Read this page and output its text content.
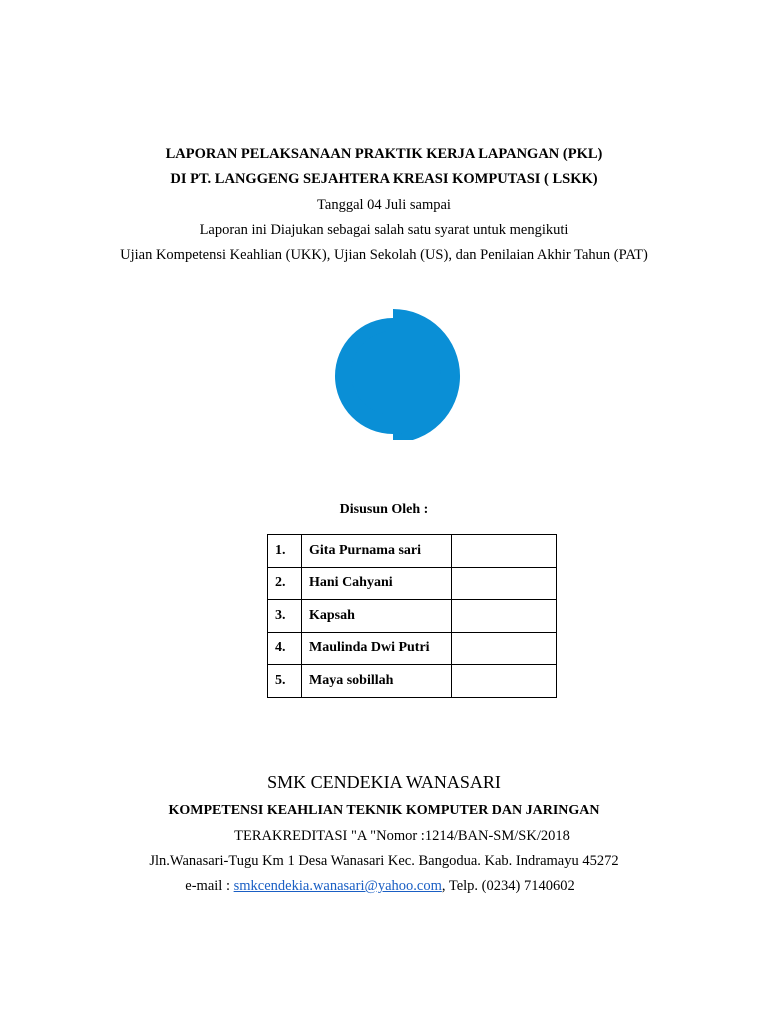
LAPORAN PELAKSANAAN PRAKTIK KERJA LAPANGAN (PKL)
DI PT. LANGGENG SEJAHTERA KREASI KOMPUTASI ( LSKK)
Tanggal 04 Juli sampai
Laporan ini Diajukan sebagai salah satu syarat untuk mengikuti
Ujian Kompetensi Keahlian (UKK), Ujian Sekolah (US), dan Penilaian Akhir Tahun (PAT)
Disusun Oleh :
1.	Gita Purnama sari	
2.	Hani Cahyani	
3.	Kapsah	
4.	Maulinda Dwi Putri	
5.	Maya sobillah	
SMK CENDEKIA WANASARI
KOMPETENSI KEAHLIAN TEKNIK KOMPUTER DAN JARINGAN
TERAKREDITASI "A "Nomor :1214/BAN-SM/SK/2018
Jln.Wanasari-Tugu Km 1 Desa Wanasari Kec. Bangodua. Kab. Indramayu 45272
e-mail : smkcendekia.wanasari@yahoo.com, Telp. (0234) 7140602
